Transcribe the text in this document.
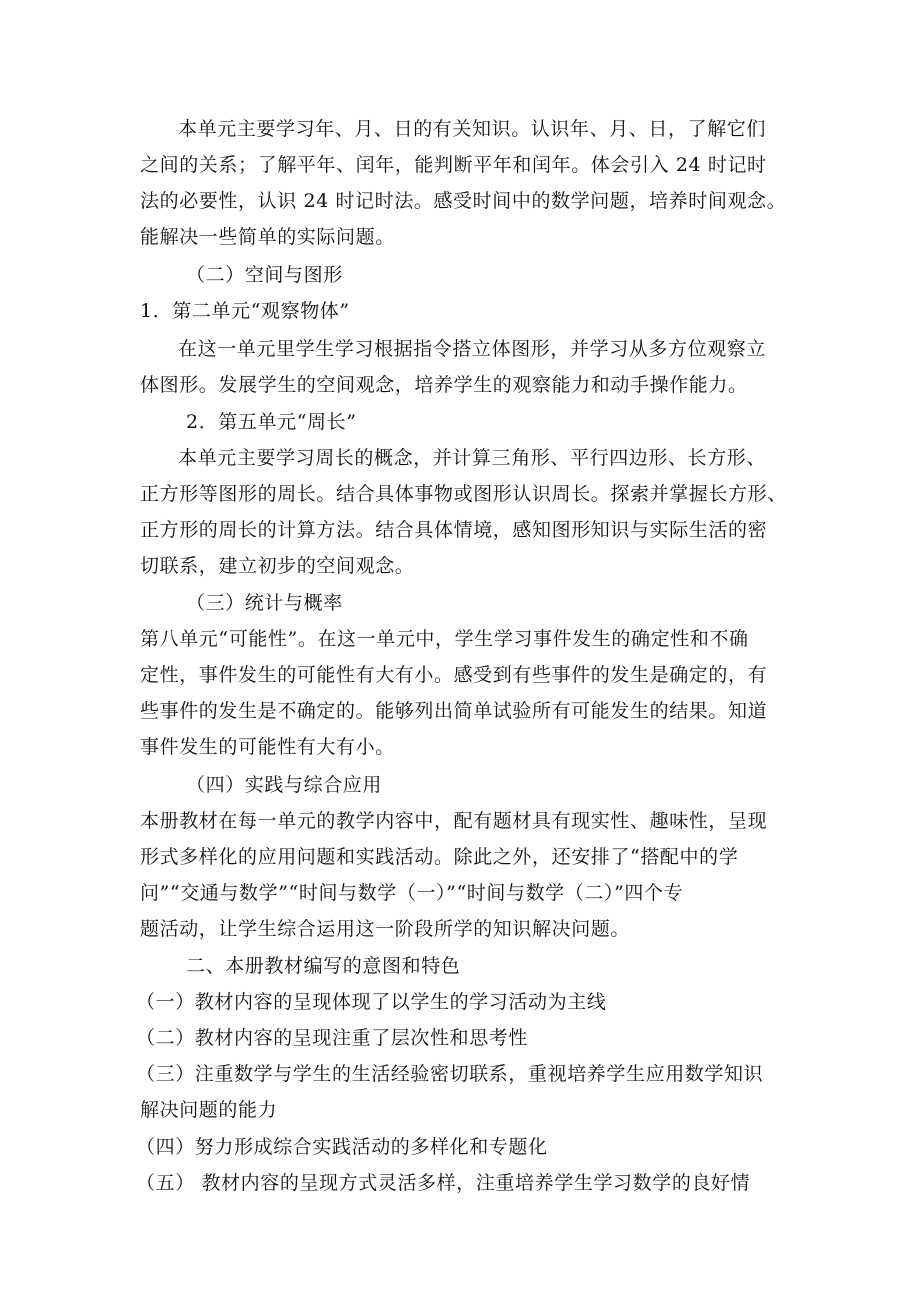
本单元主要学习年、月、日的有关知识。认识年、月、日，了解它们
之间的关系；了解平年、闰年，能判断平年和闰年。体会引入 24 时记时
法的必要性，认识 24 时记时法。感受时间中的数学问题，培养时间观念。
能解决一些简单的实际问题。
（二）空间与图形
1．第二单元“观察物体”
在这一单元里学生学习根据指令搭立体图形，并学习从多方位观察立
体图形。发展学生的空间观念，培养学生的观察能力和动手操作能力。
2．第五单元“周长”
本单元主要学习周长的概念，并计算三角形、平行四边形、长方形、
正方形等图形的周长。结合具体事物或图形认识周长。探索并掌握长方形、
正方形的周长的计算方法。结合具体情境，感知图形知识与实际生活的密
切联系，建立初步的空间观念。
（三）统计与概率
第八单元“可能性”。在这一单元中，学生学习事件发生的确定性和不确
定性，事件发生的可能性有大有小。感受到有些事件的发生是确定的，有
些事件的发生是不确定的。能够列出简单试验所有可能发生的结果。知道
事件发生的可能性有大有小。
（四）实践与综合应用
本册教材在每一单元的教学内容中，配有题材具有现实性、趣味性，呈现
形式多样化的应用问题和实践活动。除此之外，还安排了“搭配中的学
问”“交通与数学”“时间与数学（一）”“时间与数学（二）”四个专
题活动，让学生综合运用这一阶段所学的知识解决问题。
二、本册教材编写的意图和特色
（一）教材内容的呈现体现了以学生的学习活动为主线
（二）教材内容的呈现注重了层次性和思考性
（三）注重数学与学生的生活经验密切联系，重视培养学生应用数学知识
解决问题的能力
（四）努力形成综合实践活动的多样化和专题化
（五） 教材内容的呈现方式灵活多样，注重培养学生学习数学的良好情
